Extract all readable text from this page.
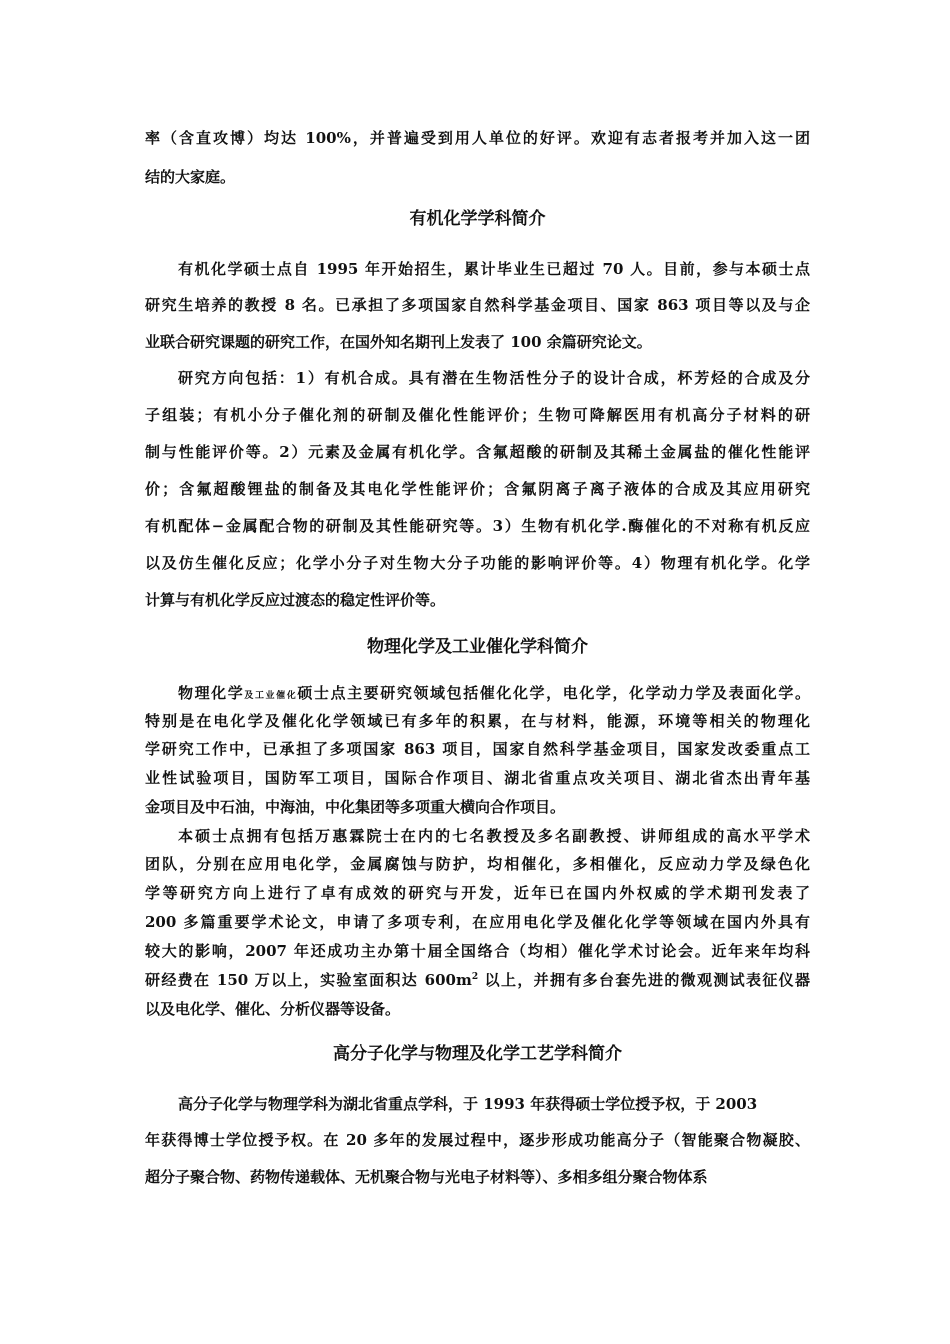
率（含直攻博）均达 100%，并普遍受到用人单位的好评。欢迎有志者报考并加入这一团
结的大家庭。
有机化学学科简介
有机化学硕士点自 1995 年开始招生，累计毕业生已超过 70 人。目前，参与本硕士点
研究生培养的教授 8 名。已承担了多项国家自然科学基金项目、国家 863 项目等以及与企
业联合研究课题的研究工作，在国外知名期刊上发表了 100 余篇研究论文。
研究方向包括：1）有机合成。具有潜在生物活性分子的设计合成，杯芳烃的合成及分
子组装；有机小分子催化剂的研制及催化性能评价；生物可降解医用有机高分子材料的研
制与性能评价等。2）元素及金属有机化学。含氟超酸的研制及其稀土金属盐的催化性能评
价；含氟超酸锂盐的制备及其电化学性能评价；含氟阴离子离子液体的合成及其应用研究
有机配体−金属配合物的研制及其性能研究等。3）生物有机化学.酶催化的不对称有机反应
以及仿生催化反应；化学小分子对生物大分子功能的影响评价等。4）物理有机化学。化学
计算与有机化学反应过渡态的稳定性评价等。
物理化学及工业催化学科简介
物理化学及工业催化硕士点主要研究领域包括催化化学，电化学，化学动力学及表面化学。
特别是在电化学及催化化学领域已有多年的积累，在与材料，能源，环境等相关的物理化
学研究工作中，已承担了多项国家 863 项目，国家自然科学基金项目，国家发改委重点工
业性试验项目，国防军工项目，国际合作项目、湖北省重点攻关项目、湖北省杰出青年基
金项目及中石油，中海油，中化集团等多项重大横向合作项目。
本硕士点拥有包括万惠霖院士在内的七名教授及多名副教授、讲师组成的高水平学术
团队，分别在应用电化学，金属腐蚀与防护，均相催化，多相催化，反应动力学及绿色化
学等研究方向上进行了卓有成效的研究与开发，近年已在国内外权威的学术期刊发表了
200 多篇重要学术论文，申请了多项专利，在应用电化学及催化化学等领域在国内外具有
较大的影响，2007 年还成功主办第十届全国络合（均相）催化学术讨论会。近年来年均科
研经费在 150 万以上，实验室面积达 $600m^2$ 以上，并拥有多台套先进的微观测试表征仪器
以及电化学、催化、分析仪器等设备。
高分子化学与物理及化学工艺学科简介
高分子化学与物理学科为湖北省重点学科，于 1993 年获得硕士学位授予权，于 2003
年获得博士学位授予权。在 20 多年的发展过程中，逐步形成功能高分子（智能聚合物凝胶、
超分子聚合物、药物传递载体、无机聚合物与光电子材料等）、多相多组分聚合物体系
